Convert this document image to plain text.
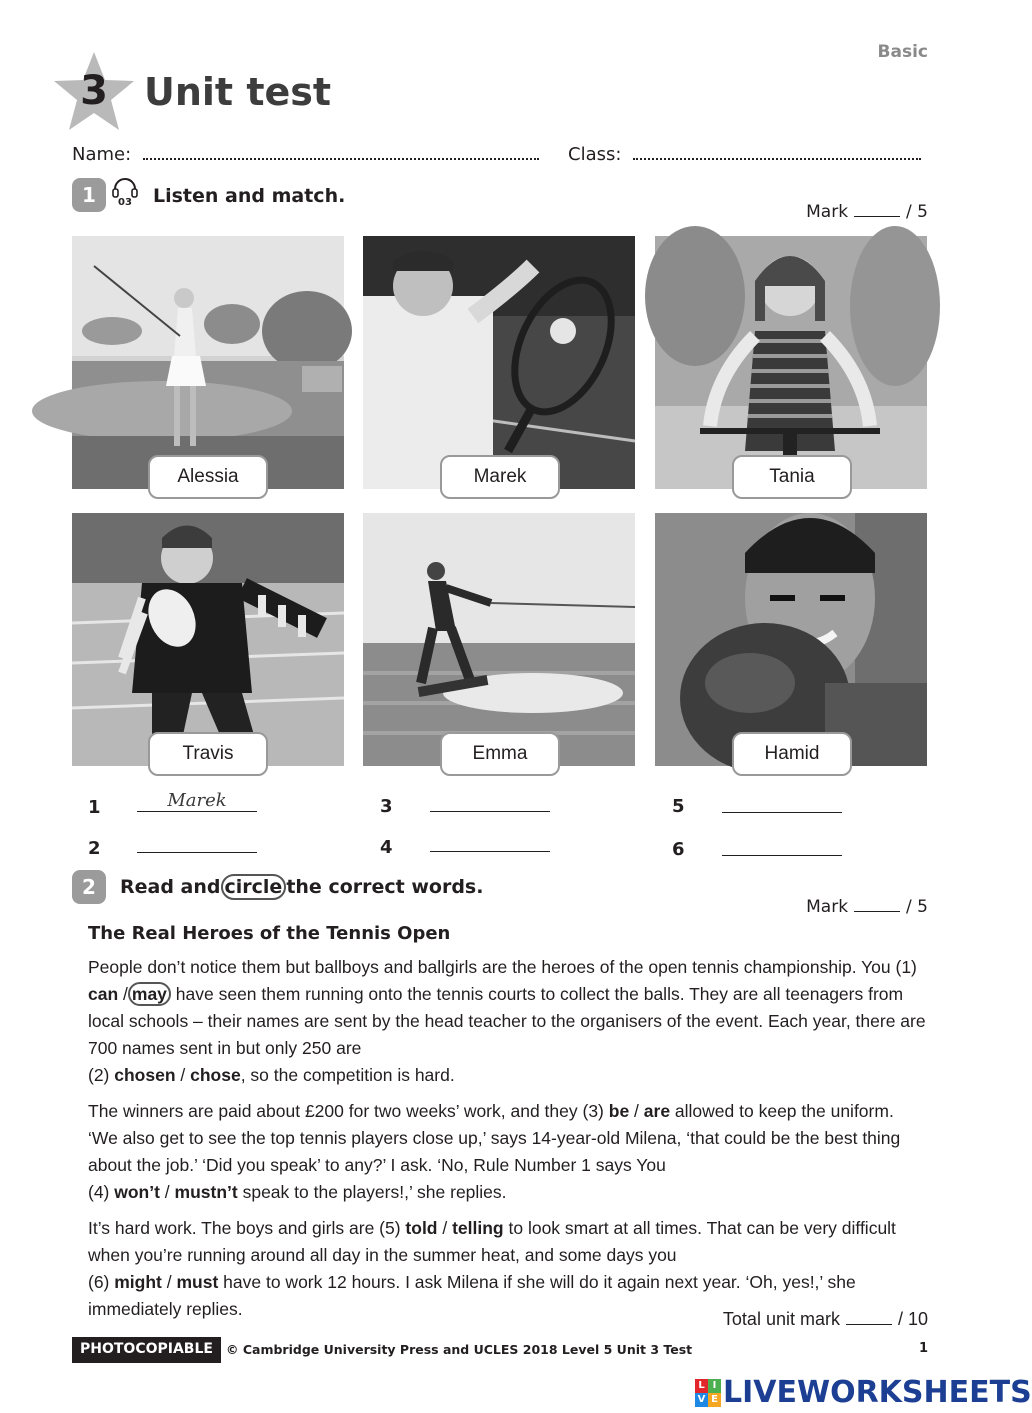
Basic
3 Unit test
Name:	Class:
1	03	Listen and match.
Mark	/ 5
Alessia	Marek	Tania
Travis	Emma	Hamid
1	Marek
2
3
4
5
6
2	Read and circle the correct words.
Mark	/ 5
The Real Heroes of the Tennis Open
People don’t notice them but ballboys and ballgirls are the heroes of the open tennis championship. You (1) can / may have seen them running onto the tennis courts to collect the balls. They are all teenagers from local schools – their names are sent by the head teacher to the organisers of the event. Each year, there are 700 names sent in but only 250 are
(2) chosen / chose, so the competition is hard.
The winners are paid about £200 for two weeks’ work, and they (3) be / are allowed to keep the uniform. ‘We also get to see the top tennis players close up,’ says 14-year-old Milena, ‘that could be the best thing about the job.’ ‘Did you speak’ to any?’ I ask. ‘No, Rule Number 1 says You
(4) won’t / mustn’t speak to the players!,’ she replies.
It’s hard work. The boys and girls are (5) told / telling to look smart at all times. That can be very difficult when you’re running around all day in the summer heat, and some days you
(6) might / must have to work 12 hours. I ask Milena if she will do it again next year. ‘Oh, yes!,’ she immediately replies.	Total unit mark	/ 10
PHOTOCOPIABLE	© Cambridge University Press and UCLES 2018 Level 5 Unit 3 Test	1
L I
V E LIVEWORKSHEETS
